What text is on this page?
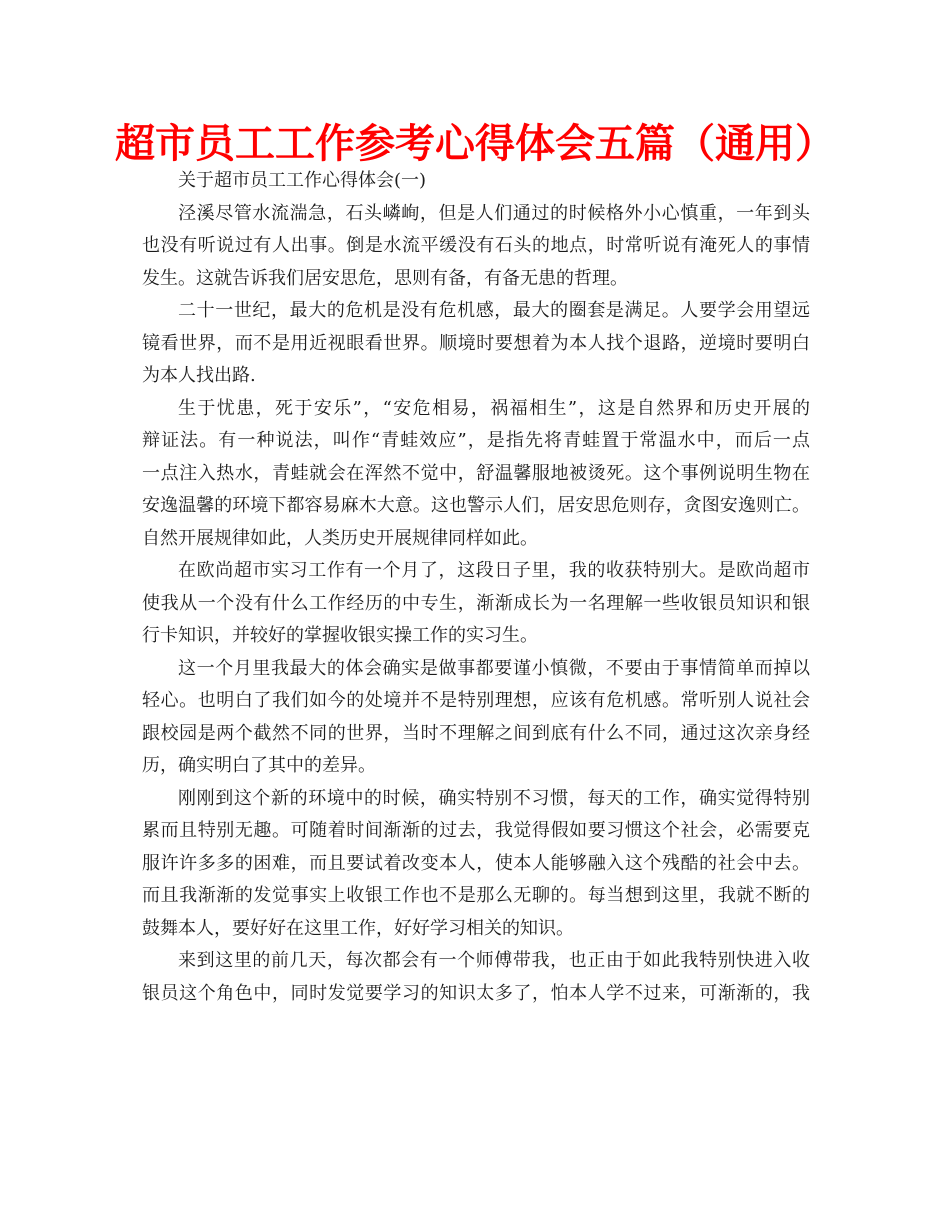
超市员工工作参考心得体会五篇（通用）

关于超市员工工作心得体会(一)

泾溪尽管水流湍急，石头嶙峋，但是人们通过的时候格外小心慎重，一年到头
也没有听说过有人出事。倒是水流平缓没有石头的地点，时常听说有淹死人的事情
发生。这就告诉我们居安思危，思则有备，有备无患的哲理。
二十一世纪，最大的危机是没有危机感，最大的圈套是满足。人要学会用望远
镜看世界，而不是用近视眼看世界。顺境时要想着为本人找个退路，逆境时要明白
为本人找出路.
生于忧患，死于安乐”，“安危相易，祸福相生”，这是自然界和历史开展的
辩证法。有一种说法，叫作“青蛙效应”，是指先将青蛙置于常温水中，而后一点
一点注入热水，青蛙就会在浑然不觉中，舒温馨服地被烫死。这个事例说明生物在
安逸温馨的环境下都容易麻木大意。这也警示人们，居安思危则存，贪图安逸则亡。
自然开展规律如此，人类历史开展规律同样如此。
在欧尚超市实习工作有一个月了，这段日子里，我的收获特别大。是欧尚超市
使我从一个没有什么工作经历的中专生，渐渐成长为一名理解一些收银员知识和银
行卡知识，并较好的掌握收银实操工作的实习生。
这一个月里我最大的体会确实是做事都要谨小慎微，不要由于事情简单而掉以
轻心。也明白了我们如今的处境并不是特别理想，应该有危机感。常听别人说社会
跟校园是两个截然不同的世界，当时不理解之间到底有什么不同，通过这次亲身经
历，确实明白了其中的差异。
刚刚到这个新的环境中的时候，确实特别不习惯，每天的工作，确实觉得特别
累而且特别无趣。可随着时间渐渐的过去，我觉得假如要习惯这个社会，必需要克
服许许多多的困难，而且要试着改变本人，使本人能够融入这个残酷的社会中去。
而且我渐渐的发觉事实上收银工作也不是那么无聊的。每当想到这里，我就不断的
鼓舞本人，要好好在这里工作，好好学习相关的知识。
来到这里的前几天，每次都会有一个师傅带我，也正由于如此我特别快进入收
银员这个角色中，同时发觉要学习的知识太多了，怕本人学不过来，可渐渐的，我
